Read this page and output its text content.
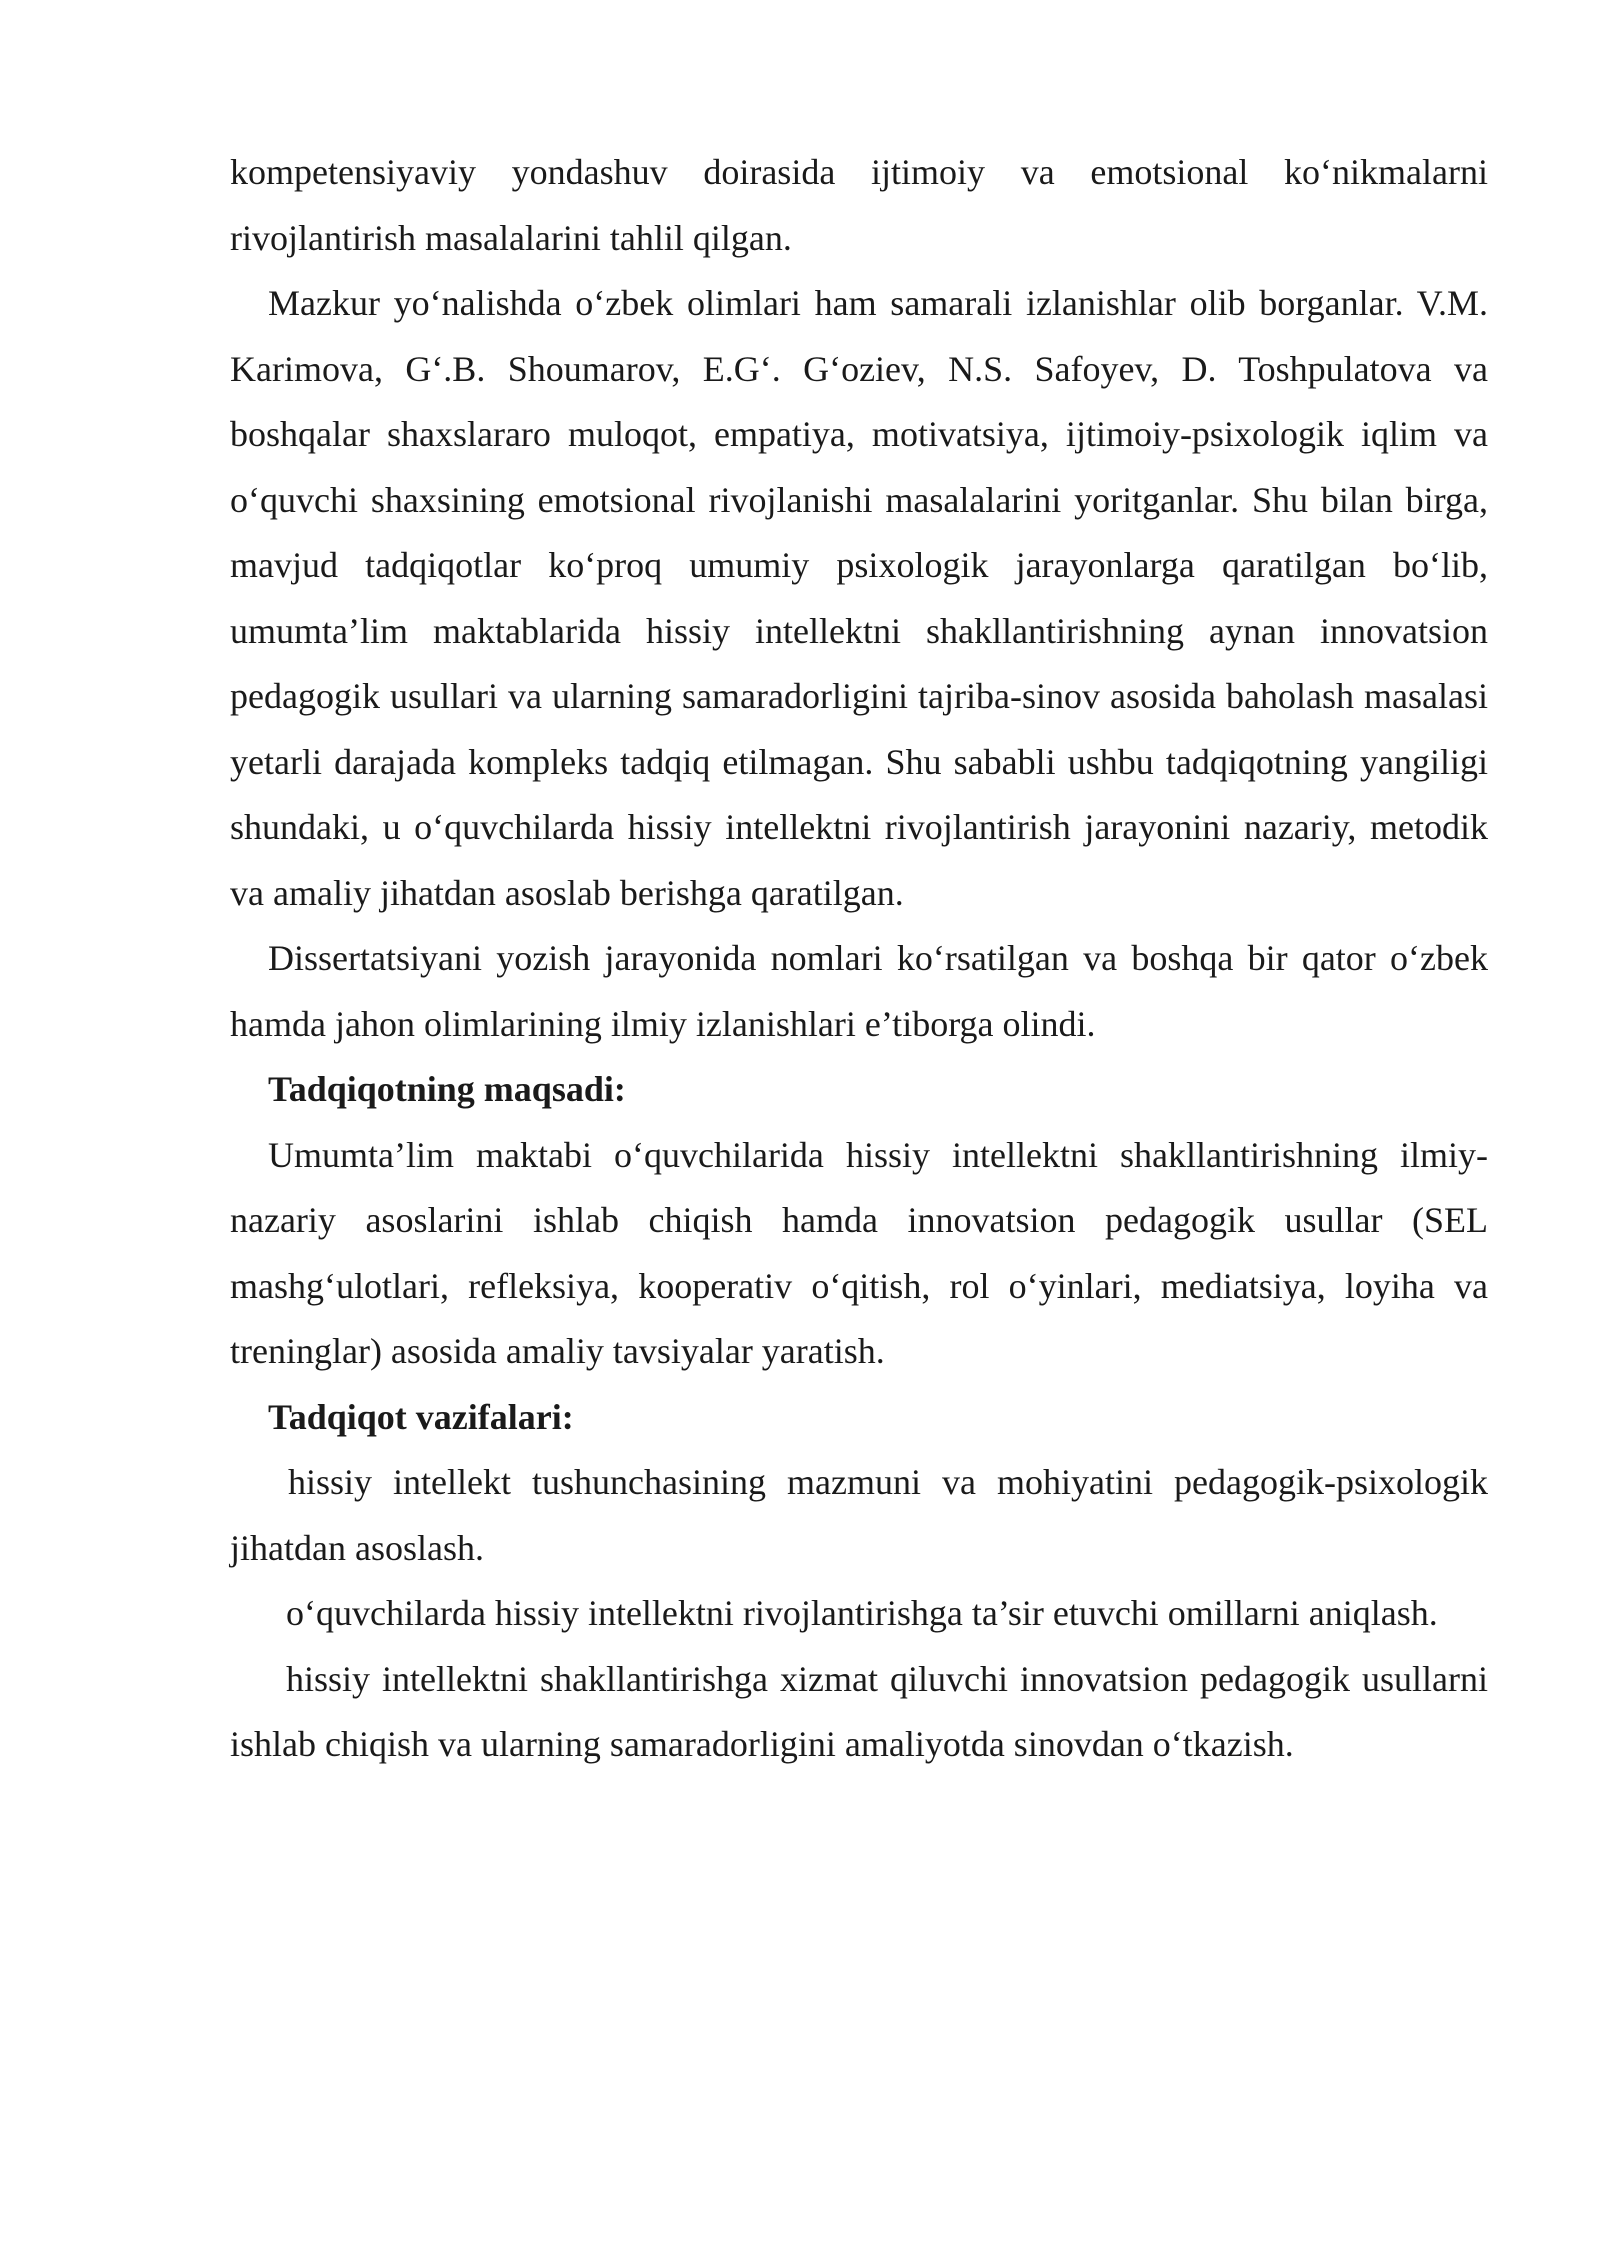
kompetensiyaviy yondashuv doirasida ijtimoiy va emotsional ko‘nikmalarni rivojlantirish masalalarini tahlil qilgan.

Mazkur yo‘nalishda o‘zbek olimlari ham samarali izlanishlar olib borganlar. V.M. Karimova, G‘.B. Shoumarov, E.G‘. G‘oziev, N.S. Safoyev, D. Toshpulatova va boshqalar shaxslararo muloqot, empatiya, motivatsiya, ijtimoiy-psixologik iqlim va o‘quvchi shaxsining emotsional rivojlanishi masalalarini yoritganlar. Shu bilan birga, mavjud tadqiqotlar ko‘proq umumiy psixologik jarayonlarga qaratilgan bo‘lib, umumta’lim maktablarida hissiy intellektni shakllantirishning aynan innovatsion pedagogik usullari va ularning samaradorligini tajriba-sinov asosida baholash masalasi yetarli darajada kompleks tadqiq etilmagan. Shu sababli ushbu tadqiqotning yangiligi shundaki, u o‘quvchilarda hissiy intellektni rivojlantirish jarayonini nazariy, metodik va amaliy jihatdan asoslab berishga qaratilgan.

Dissertatsiyani yozish jarayonida nomlari ko‘rsatilgan va boshqa bir qator o‘zbek hamda jahon olimlarining ilmiy izlanishlari e’tiborga olindi.

Tadqiqotning maqsadi:

Umumta’lim maktabi o‘quvchilarida hissiy intellektni shakllantirishning ilmiy-nazariy asoslarini ishlab chiqish hamda innovatsion pedagogik usullar (SEL mashg‘ulotlari, refleksiya, kooperativ o‘qitish, rol o‘yinlari, mediatsiya, loyiha va treninglar) asosida amaliy tavsiyalar yaratish.

Tadqiqot vazifalari:

hissiy intellekt tushunchasining mazmuni va mohiyatini pedagogik-psixologik jihatdan asoslash.

o‘quvchilarda hissiy intellektni rivojlantirishga ta’sir etuvchi omillarni aniqlash.

hissiy intellektni shakllantirishga xizmat qiluvchi innovatsion pedagogik usullarni ishlab chiqish va ularning samaradorligini amaliyotda sinovdan o‘tkazish.
